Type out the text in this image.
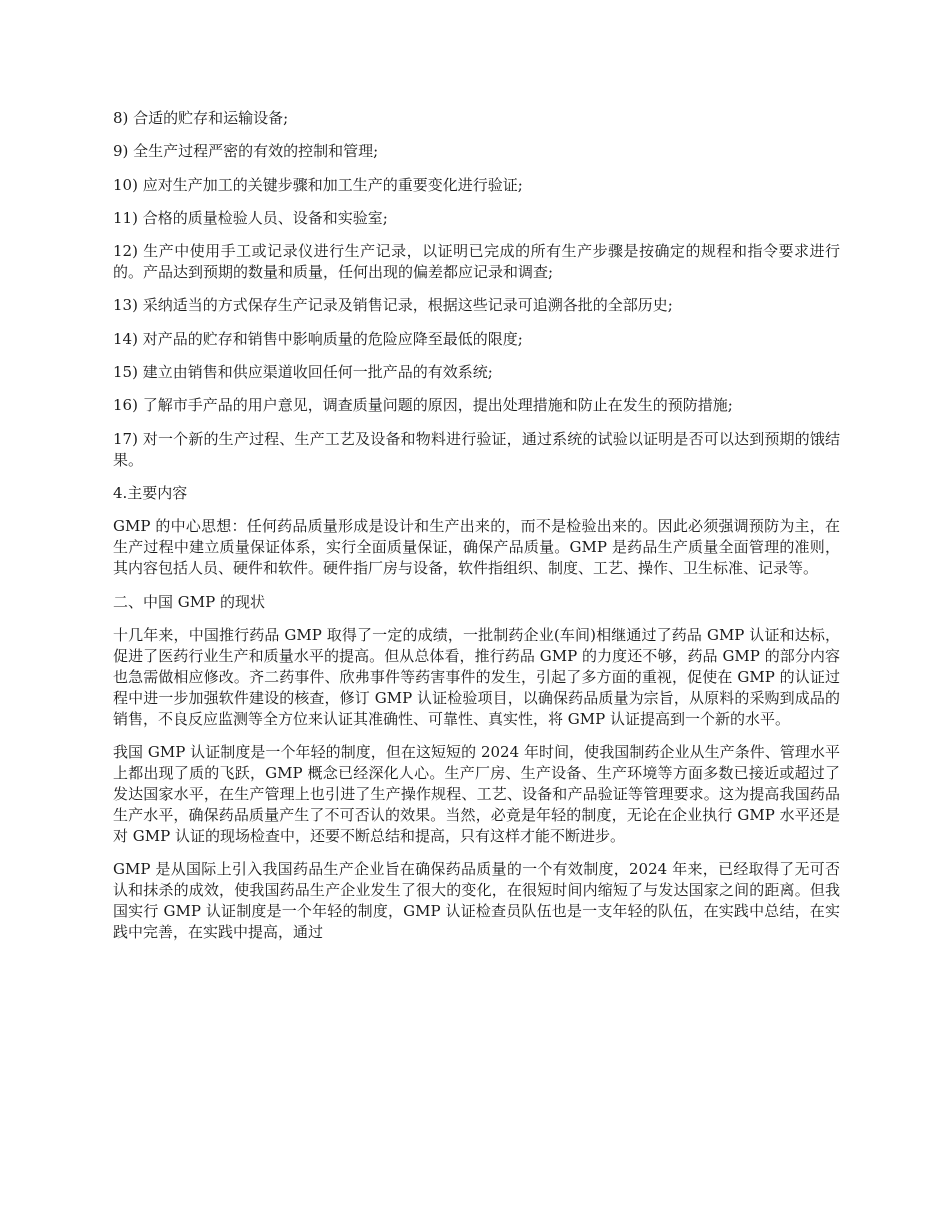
8) 合适的贮存和运输设备;

9) 全生产过程严密的有效的控制和管理;

10) 应对生产加工的关键步骤和加工生产的重要变化进行验证;

11) 合格的质量检验人员、设备和实验室;

12) 生产中使用手工或记录仪进行生产记录，以证明已完成的所有生产步骤是按确定的规程和指令要求进行的。产品达到预期的数量和质量，任何出现的偏差都应记录和调查;

13) 采纳适当的方式保存生产记录及销售记录，根据这些记录可追溯各批的全部历史;

14) 对产品的贮存和销售中影响质量的危险应降至最低的限度;

15) 建立由销售和供应渠道收回任何一批产品的有效系统;

16) 了解市手产品的用户意见，调查质量问题的原因，提出处理措施和防止在发生的预防措施;

17) 对一个新的生产过程、生产工艺及设备和物料进行验证，通过系统的试验以证明是否可以达到预期的饿结果。

4.主要内容

GMP 的中心思想：任何药品质量形成是设计和生产出来的，而不是检验出来的。因此必须强调预防为主，在生产过程中建立质量保证体系，实行全面质量保证，确保产品质量。GMP 是药品生产质量全面管理的准则，其内容包括人员、硬件和软件。硬件指厂房与设备，软件指组织、制度、工艺、操作、卫生标准、记录等。

二、中国 GMP 的现状

十几年来，中国推行药品 GMP 取得了一定的成绩，一批制药企业(车间)相继通过了药品 GMP 认证和达标，促进了医药行业生产和质量水平的提高。但从总体看，推行药品 GMP 的力度还不够，药品 GMP 的部分内容也急需做相应修改。齐二药事件、欣弗事件等药害事件的发生，引起了多方面的重视，促使在 GMP 的认证过程中进一步加强软件建设的核查，修订 GMP 认证检验项目，以确保药品质量为宗旨，从原料的采购到成品的销售，不良反应监测等全方位来认证其准确性、可靠性、真实性，将 GMP 认证提高到一个新的水平。

我国 GMP 认证制度是一个年轻的制度，但在这短短的 2024 年时间，使我国制药企业从生产条件、管理水平上都出现了质的飞跃，GMP 概念已经深化人心。生产厂房、生产设备、生产环境等方面多数已接近或超过了发达国家水平，在生产管理上也引进了生产操作规程、工艺、设备和产品验证等管理要求。这为提高我国药品生产水平，确保药品质量产生了不可否认的效果。当然，必竟是年轻的制度，无论在企业执行 GMP 水平还是对 GMP 认证的现场检查中，还要不断总结和提高，只有这样才能不断进步。

GMP 是从国际上引入我国药品生产企业旨在确保药品质量的一个有效制度，2024 年来，已经取得了无可否认和抹杀的成效，使我国药品生产企业发生了很大的变化，在很短时间内缩短了与发达国家之间的距离。但我国实行 GMP 认证制度是一个年轻的制度，GMP 认证检查员队伍也是一支年轻的队伍，在实践中总结，在实践中完善，在实践中提高，通过
